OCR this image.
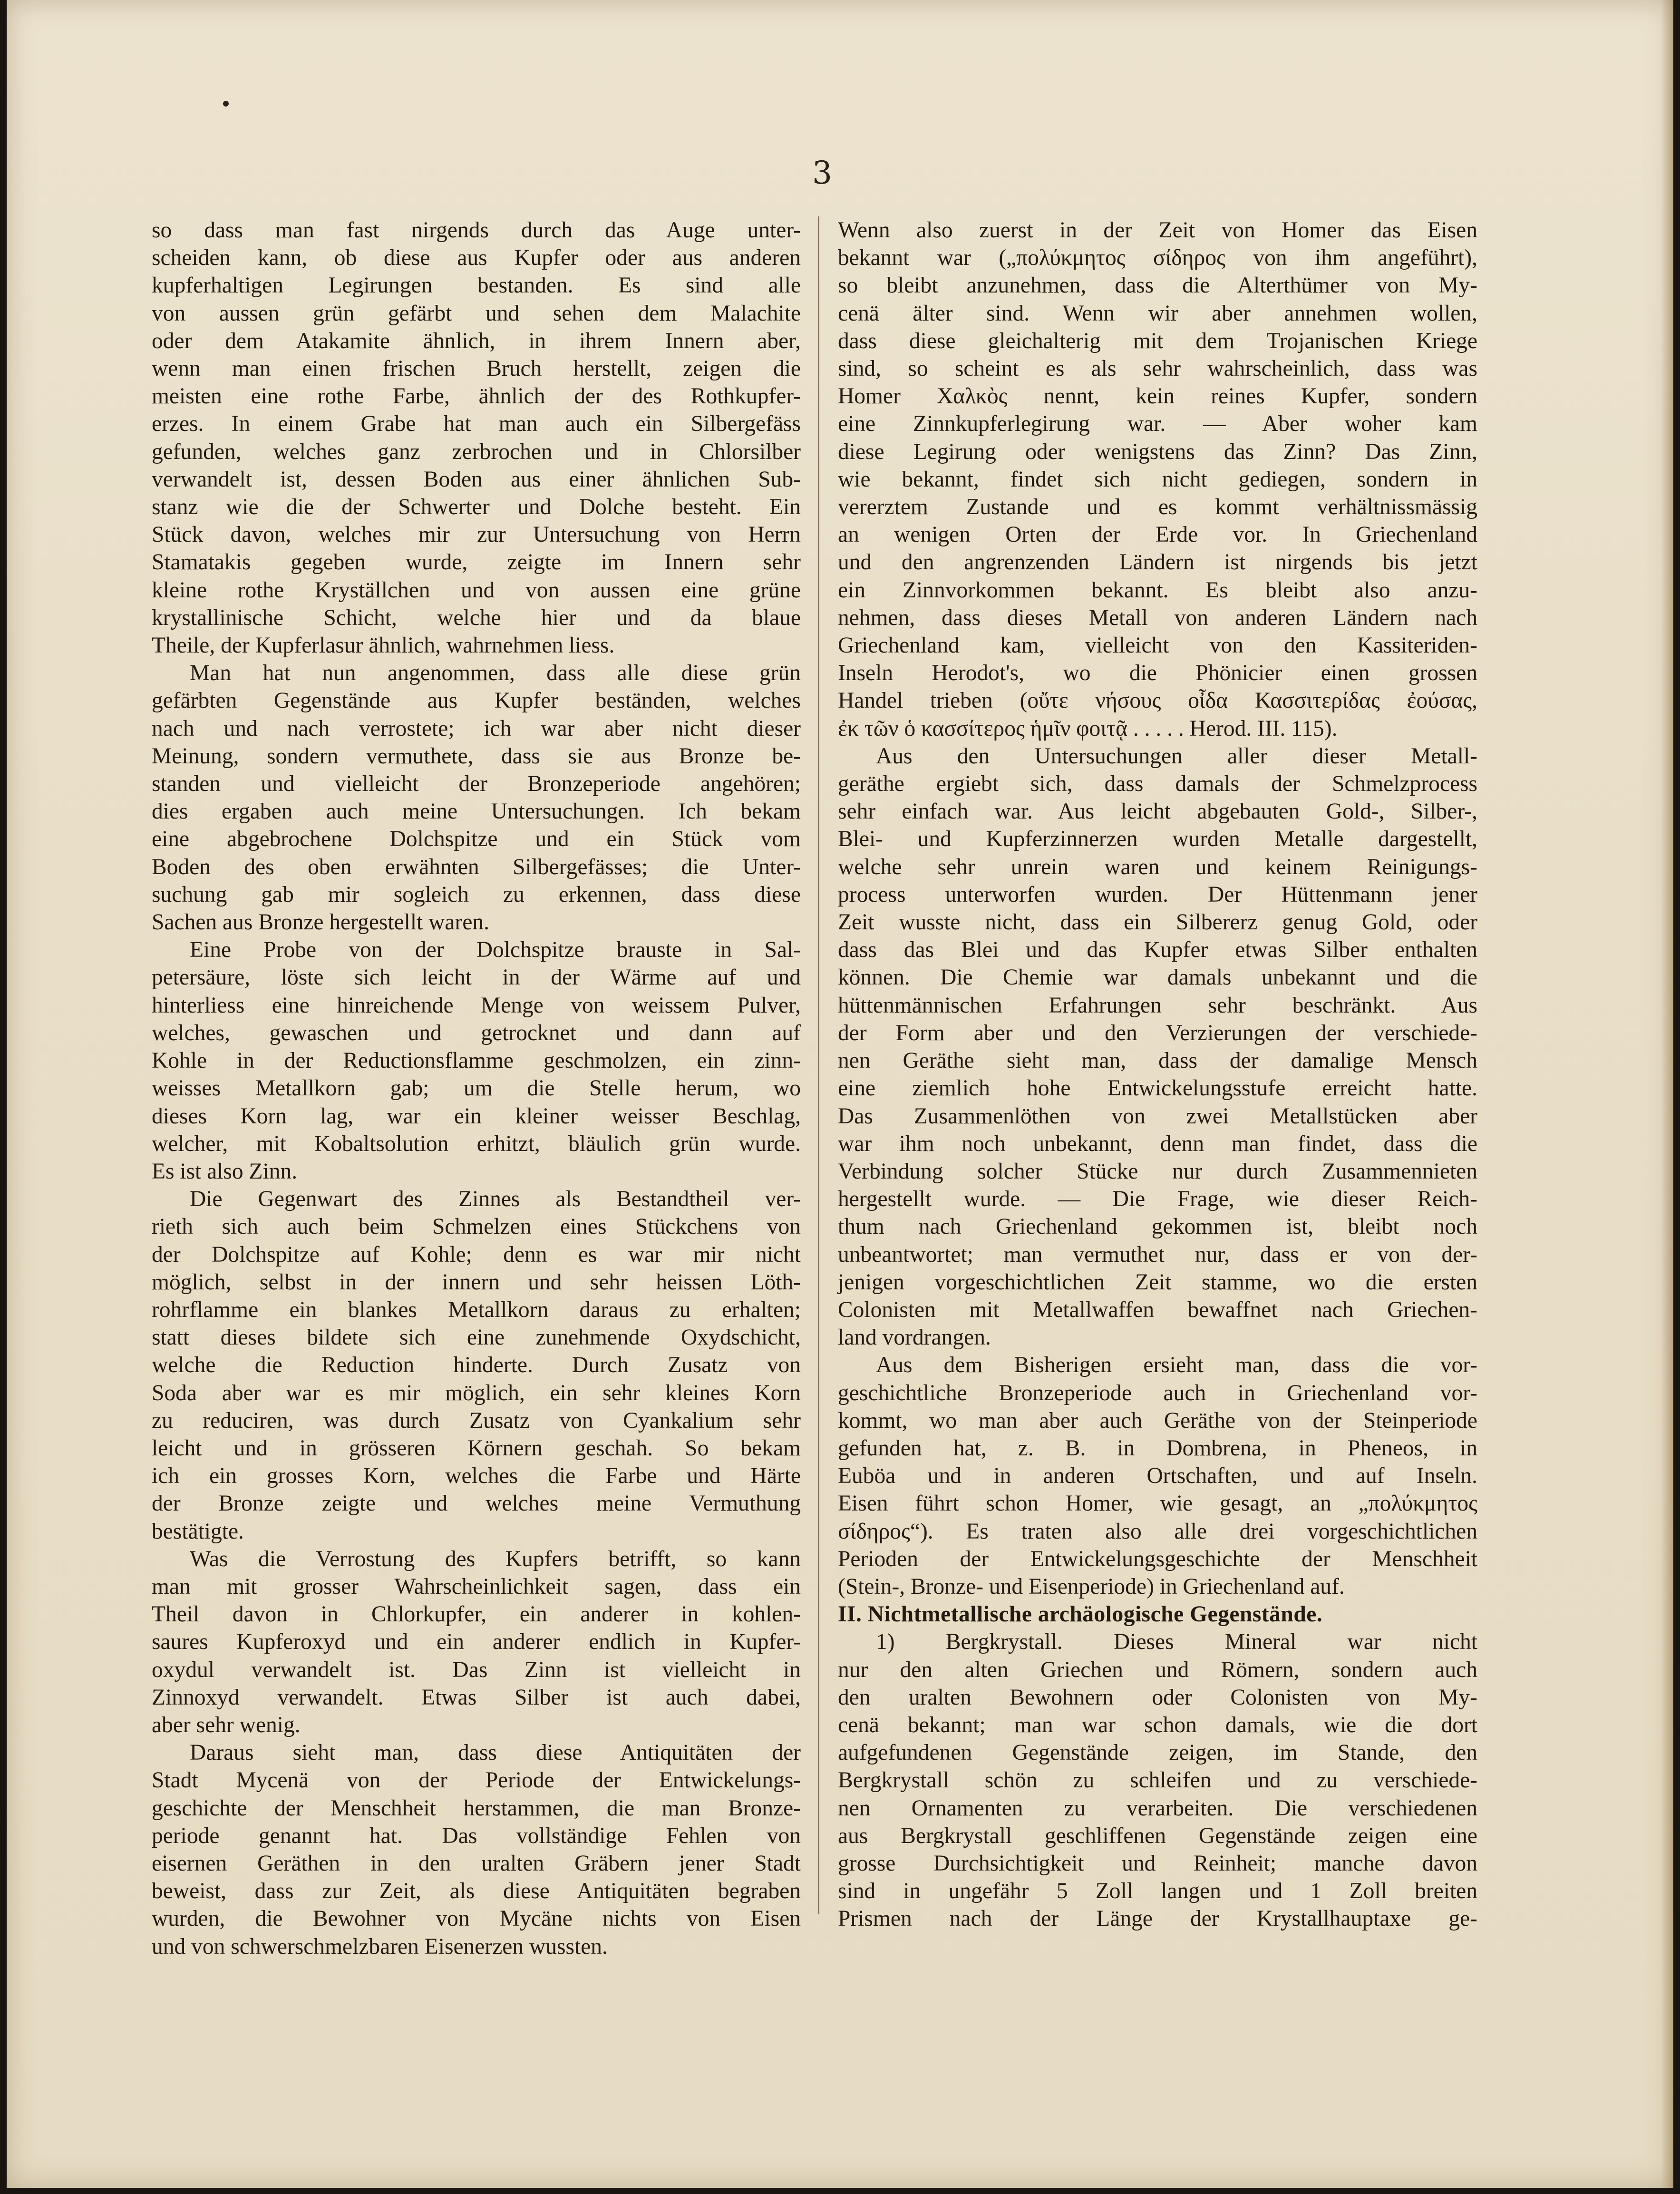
3
so dass man fast nirgends durch das Auge unter-
scheiden kann, ob diese aus Kupfer oder aus anderen
kupferhaltigen Legirungen bestanden. Es sind alle
von aussen grün gefärbt und sehen dem Malachite
oder dem Atakamite ähnlich, in ihrem Innern aber,
wenn man einen frischen Bruch herstellt, zeigen die
meisten eine rothe Farbe, ähnlich der des Rothkupfer-
erzes. In einem Grabe hat man auch ein Silbergefäss
gefunden, welches ganz zerbrochen und in Chlorsilber
verwandelt ist, dessen Boden aus einer ähnlichen Sub-
stanz wie die der Schwerter und Dolche besteht. Ein
Stück davon, welches mir zur Untersuchung von Herrn
Stamatakis gegeben wurde, zeigte im Innern sehr
kleine rothe Kryställchen und von aussen eine grüne
krystallinische Schicht, welche hier und da blaue
Theile, der Kupferlasur ähnlich, wahrnehmen liess.
Man hat nun angenommen, dass alle diese grün
gefärbten Gegenstände aus Kupfer beständen, welches
nach und nach verrostete; ich war aber nicht dieser
Meinung, sondern vermuthete, dass sie aus Bronze be-
standen und vielleicht der Bronzeperiode angehören;
dies ergaben auch meine Untersuchungen. Ich bekam
eine abgebrochene Dolchspitze und ein Stück vom
Boden des oben erwähnten Silbergefässes; die Unter-
suchung gab mir sogleich zu erkennen, dass diese
Sachen aus Bronze hergestellt waren.
Eine Probe von der Dolchspitze brauste in Sal-
petersäure, löste sich leicht in der Wärme auf und
hinterliess eine hinreichende Menge von weissem Pulver,
welches, gewaschen und getrocknet und dann auf
Kohle in der Reductionsflamme geschmolzen, ein zinn-
weisses Metallkorn gab; um die Stelle herum, wo
dieses Korn lag, war ein kleiner weisser Beschlag,
welcher, mit Kobaltsolution erhitzt, bläulich grün wurde.
Es ist also Zinn.
Die Gegenwart des Zinnes als Bestandtheil ver-
rieth sich auch beim Schmelzen eines Stückchens von
der Dolchspitze auf Kohle; denn es war mir nicht
möglich, selbst in der innern und sehr heissen Löth-
rohrflamme ein blankes Metallkorn daraus zu erhalten;
statt dieses bildete sich eine zunehmende Oxydschicht,
welche die Reduction hinderte. Durch Zusatz von
Soda aber war es mir möglich, ein sehr kleines Korn
zu reduciren, was durch Zusatz von Cyankalium sehr
leicht und in grösseren Körnern geschah. So bekam
ich ein grosses Korn, welches die Farbe und Härte
der Bronze zeigte und welches meine Vermuthung
bestätigte.
Was die Verrostung des Kupfers betrifft, so kann
man mit grosser Wahrscheinlichkeit sagen, dass ein
Theil davon in Chlorkupfer, ein anderer in kohlen-
saures Kupferoxyd und ein anderer endlich in Kupfer-
oxydul verwandelt ist. Das Zinn ist vielleicht in
Zinnoxyd verwandelt. Etwas Silber ist auch dabei,
aber sehr wenig.
Daraus sieht man, dass diese Antiquitäten der
Stadt Mycenä von der Periode der Entwickelungs-
geschichte der Menschheit herstammen, die man Bronze-
periode genannt hat. Das vollständige Fehlen von
eisernen Geräthen in den uralten Gräbern jener Stadt
beweist, dass zur Zeit, als diese Antiquitäten begraben
wurden, die Bewohner von Mycäne nichts von Eisen
und von schwerschmelzbaren Eisenerzen wussten.
Wenn also zuerst in der Zeit von Homer das Eisen
bekannt war („πολύκμητος σίδηρος von ihm angeführt),
so bleibt anzunehmen, dass die Alterthümer von My-
cenä älter sind. Wenn wir aber annehmen wollen,
dass diese gleichalterig mit dem Trojanischen Kriege
sind, so scheint es als sehr wahrscheinlich, dass was
Homer Χαλκὸς nennt, kein reines Kupfer, sondern
eine Zinnkupferlegirung war. — Aber woher kam
diese Legirung oder wenigstens das Zinn? Das Zinn,
wie bekannt, findet sich nicht gediegen, sondern in
vererztem Zustande und es kommt verhältnissmässig
an wenigen Orten der Erde vor. In Griechenland
und den angrenzenden Ländern ist nirgends bis jetzt
ein Zinnvorkommen bekannt. Es bleibt also anzu-
nehmen, dass dieses Metall von anderen Ländern nach
Griechenland kam, vielleicht von den Kassiteriden-
Inseln Herodot's, wo die Phönicier einen grossen
Handel trieben (οὔτε νήσους οἶδα Κασσιτερίδας ἐούσας,
ἐκ τῶν ὁ κασσίτερος ἡμῖν φοιτᾷ . . . . . Herod. III. 115).
Aus den Untersuchungen aller dieser Metall-
geräthe ergiebt sich, dass damals der Schmelzprocess
sehr einfach war. Aus leicht abgebauten Gold-, Silber-,
Blei- und Kupferzinnerzen wurden Metalle dargestellt,
welche sehr unrein waren und keinem Reinigungs-
process unterworfen wurden. Der Hüttenmann jener
Zeit wusste nicht, dass ein Silbererz genug Gold, oder
dass das Blei und das Kupfer etwas Silber enthalten
können. Die Chemie war damals unbekannt und die
hüttenmännischen Erfahrungen sehr beschränkt. Aus
der Form aber und den Verzierungen der verschiede-
nen Geräthe sieht man, dass der damalige Mensch
eine ziemlich hohe Entwickelungsstufe erreicht hatte.
Das Zusammenlöthen von zwei Metallstücken aber
war ihm noch unbekannt, denn man findet, dass die
Verbindung solcher Stücke nur durch Zusammennieten
hergestellt wurde. — Die Frage, wie dieser Reich-
thum nach Griechenland gekommen ist, bleibt noch
unbeantwortet; man vermuthet nur, dass er von der-
jenigen vorgeschichtlichen Zeit stamme, wo die ersten
Colonisten mit Metallwaffen bewaffnet nach Griechen-
land vordrangen.
Aus dem Bisherigen ersieht man, dass die vor-
geschichtliche Bronzeperiode auch in Griechenland vor-
kommt, wo man aber auch Geräthe von der Steinperiode
gefunden hat, z. B. in Dombrena, in Pheneos, in
Euböa und in anderen Ortschaften, und auf Inseln.
Eisen führt schon Homer, wie gesagt, an „πολύκμητος
σίδηρος“). Es traten also alle drei vorgeschichtlichen
Perioden der Entwickelungsgeschichte der Menschheit
(Stein-, Bronze- und Eisenperiode) in Griechenland auf.
II. Nichtmetallische archäologische Gegenstände.
1) Bergkrystall. Dieses Mineral war nicht
nur den alten Griechen und Römern, sondern auch
den uralten Bewohnern oder Colonisten von My-
cenä bekannt; man war schon damals, wie die dort
aufgefundenen Gegenstände zeigen, im Stande, den
Bergkrystall schön zu schleifen und zu verschiede-
nen Ornamenten zu verarbeiten. Die verschiedenen
aus Bergkrystall geschliffenen Gegenstände zeigen eine
grosse Durchsichtigkeit und Reinheit; manche davon
sind in ungefähr 5 Zoll langen und 1 Zoll breiten
Prismen nach der Länge der Krystallhauptaxe ge-
